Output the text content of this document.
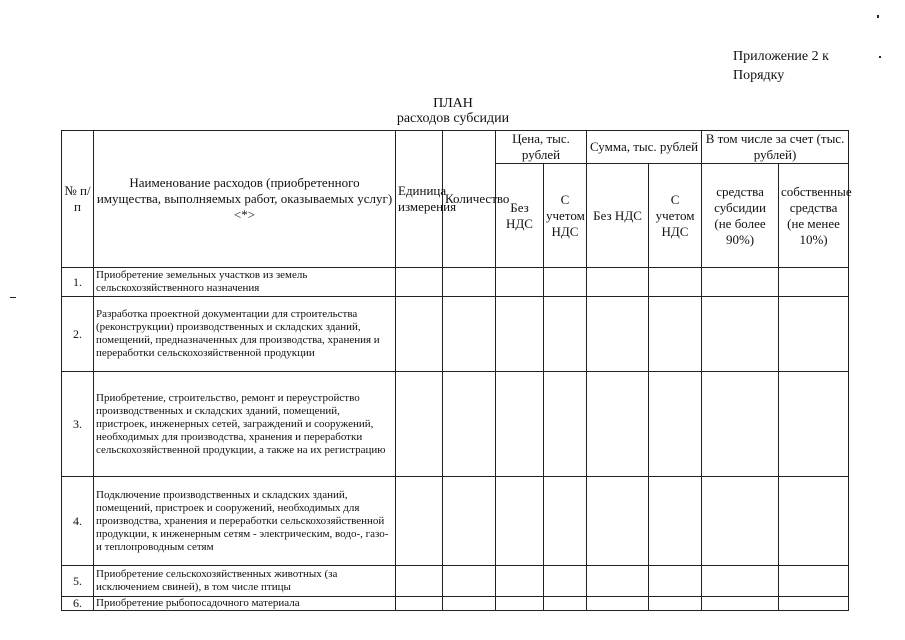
Приложение 2 к
Порядку
ПЛАН
расходов субсидии
№ п/п	Наименование расходов (приобретенного имущества, выполняемых работ, оказываемых услуг) <*>	Единица измерения	Количество	Цена, тыс. рублей		Сумма, тыс. рублей		В том числе за счет (тыс. рублей)	
				Без НДС	С учетом НДС	Без НДС	С учетом НДС	средства субсидии (не более 90%)	собственные средства (не менее 10%)
1.	Приобретение земельных участков из земель сельскохозяйственного назначения								
2.	Разработка проектной документации для строительства (реконструкции) производственных и складских зданий, помещений, предназначенных для производства, хранения и переработки сельскохозяйственной продукции								
3.	Приобретение, строительство, ремонт и переустройство производственных и складских зданий, помещений, пристроек, инженерных сетей, заграждений и сооружений, необходимых для производства, хранения и переработки сельскохозяйственной продукции, а также на их регистрацию								
4.	Подключение производственных и складских зданий, помещений, пристроек и сооружений, необходимых для производства, хранения и переработки сельскохозяйственной продукции, к инженерным сетям - электрическим, водо-, газо- и теплопроводным сетям								
5.	Приобретение сельскохозяйственных животных (за исключением свиней), в том числе птицы								
6.	Приобретение рыбопосадочного материала								
